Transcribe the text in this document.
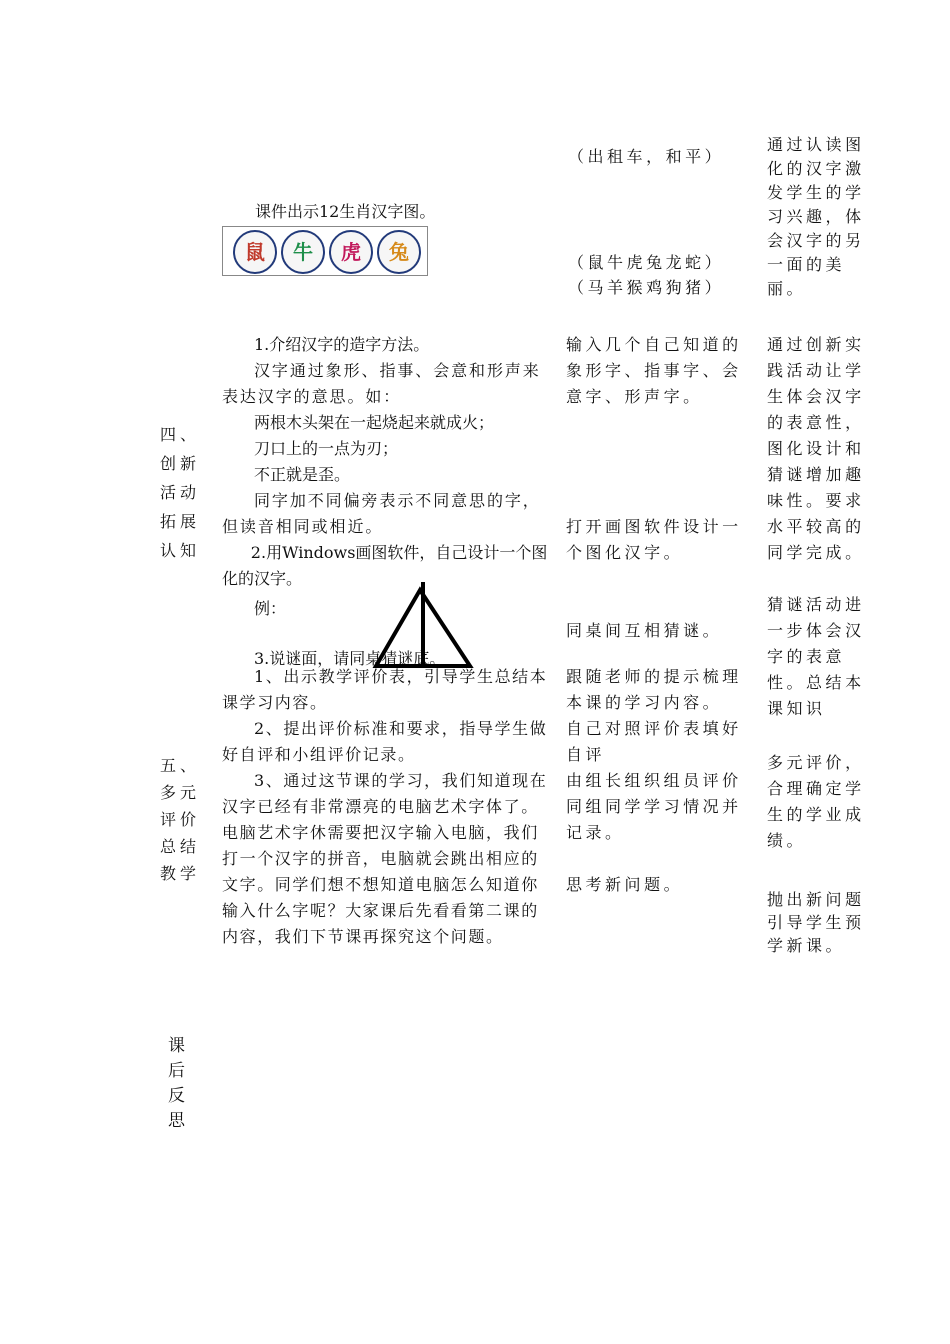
（出租车，和平）

通过认读图化的汉字激发学生的学习兴趣，体会汉字的另一面的美丽。

课件出示12生肖汉字图。
鼠 牛 虎 兔	（鼠牛虎兔龙蛇）
（马羊猴鸡狗猪）
四、
创新
活动
拓展
认知

1.介绍汉字的造字方法。

汉字通过象形、指事、会意和形声来表达汉字的意思。如：

两根木头架在一起烧起来就成火；

刀口上的一点为刃；

不正就是歪。

同字加不同偏旁表示不同意思的字，但读音相同或相近。

2.用Windows画图软件，自己设计一个图化的汉字。

例：

3.说谜面，请同桌猜谜底。

输入几个自己知道的象形字、指事字、会意字、形声字。

打开画图软件设计一个图化汉字。

同桌间互相猜谜。

通过创新实践活动让学生体会汉字的表意性，图化设计和猜谜增加趣味性。要求水平较高的同学完成。

猜谜活动进一步体会汉字的表意性。总结本课知识

五、
多元
评价
总结
教学

1、出示教学评价表，引导学生总结本课学习内容。

2、提出评价标准和要求，指导学生做好自评和小组评价记录。

3、通过这节课的学习，我们知道现在汉字已经有非常漂亮的电脑艺术字体了。电脑艺术字休需要把汉字输入电脑，我们打一个汉字的拼音，电脑就会跳出相应的文字。同学们想不想知道电脑怎么知道你输入什么字呢？大家课后先看看第二课的内容，我们下节课再探究这个问题。

跟随老师的提示梳理本课的学习内容。

自己对照评价表填好自评

由组长组织组员评价同组同学学习情况并记录。

思考新问题。

多元评价，合理确定学生的学业成绩。

抛出新问题引导学生预学新课。

课
后
反
思
